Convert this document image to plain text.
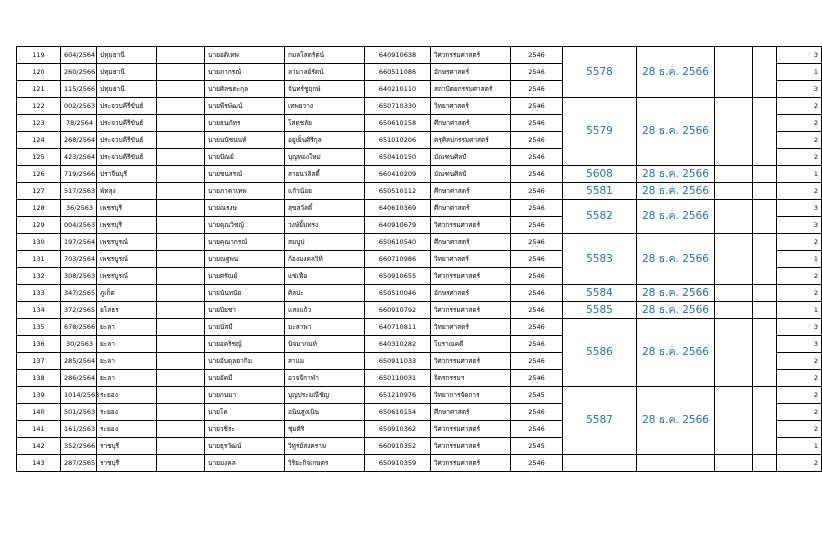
119	604/2564	ปทุมธานี		นายอดิเทพ	กมลโสตรัตน์	640910638	วิศวกรรมศาสตร์	2546	5578	28 ธ.ค. 2566			3
120	260/2566	ปทุมธานี		นายภากรณ์	ลามาลย์รัตน์	660511086	อักษรศาสตร์	2546					1
121	115/2566	ปทุมธานี		นายศิลขตะกุล	จันทร์ชูฤกษ์	640210110	สถาปัตยกรรมศาสตร์	2546					3
122	002/2563	ประจวบคีรีขันธ์		นายพีรพัฒน์	เทพยวาง	650710330	วิทยาศาสตร์	2546	5579	28 ธ.ค. 2566			2
123	78/2564	ประจวบคีรีขันธ์		นายธนภัทร	โสดชลัย	650610158	ศึกษาศาสตร์	2546					2
124	268/2564	ประจวบคีรีขันธ์		นายนนัชนนท์	อยู่เย็นศิริกุล	651010206	ครุศิลปกรรมศาสตร์	2546					2
125	423/2564	ประจวบคีรีขันธ์		นายปัณย์	บุญทองใหม่	650410150	มัณฑนศิลป์	2546					2
126	719/2566	ปราจีนบุรี		นายชนสรณ์	สายนวลิสดี้	660410209	มัณฑนศิลป์	2546	5608	28 ธ.ค. 2566			1
127	517/2563	พัทลุง		นายภาคาเทพ	แก้วน้อย	650510112	ศึกษาศาสตร์	2546	5581	28 ธ.ค. 2566			2
128	36/2563	เพชรบุรี		นายณรงษ	สุขสวัสดิ์	640610369	ศึกษาศาสตร์	2546	5582	28 ธ.ค. 2566			3
129	004/2563	เพชรบุรี		นายคุณวิชญ์	วงษ์ยิ้มทรง	640910679	วิศวกรรมศาสตร์	2546					3
130	197/2564	เพชรบูรณ์		นายคุณากรณ์	สมบูป	650610540	ศึกษาศาสตร์	2546	5583	28 ธ.ค. 2566			2
131	703/2564	เพชรบูรณ์		นายณฐพน	ก้องมงคลวิทิ	660710986	วิทยาศาสตร์	2546					1
132	308/2563	เพชรบูรณ์		นายศรัณย์	แซ่เฟือ	650910655	วิศวกรรมศาสตร์	2546					2
133	347/2565	ภูเก็ต		นายนันทนัย	ศิลปะ	650510046	อักษรศาสตร์	2546	5584	28 ธ.ค. 2566			2
134	372/2565	ยโสธร		นายปิยชา	แสงแก้ว	660910792	วิศวกรรมศาสตร์	2546	5585	28 ธ.ค. 2566			1
135	678/2566	ยะลา		นายนัสมี	มะสาพา	640710811	วิทยาศาสตร์	2546	5586	28 ธ.ค. 2566			3
136	30/2563	ยะลา		นายอคริชญ์	นิจมากนท์	640310282	โบราณคดี	2546					3
137	285/2564	ยะลา		นายอับดุลฮากิม	สาแม	650911033	วิศวกรรมศาสตร์	2546					2
138	286/2564	ยะลา		นายอัคมี	อาจจีกาฬา	650110031	จิตรกรรมฯ	2546					2
139	1014/2563	ระยอง		นายกนมา	บุญประมณีชัญ	651210976	วิทยาการจัดการ	2545	5587	28 ธ.ค. 2566			2
140	501/2563	ระยอง		นายโค	อนินสูงเนิน	650610154	ศึกษาศาสตร์	2546					2
141	161/2563	ระยอง		นายวชิระ	ชุ่มศิริ	650910362	วิศวกรรมศาสตร์	2546					2
142	352/2566	ราชบุรี		นายธุรวัฒน์	วิทูรย์สงคราม	660910352	วิศวกรรมศาสตร์	2545					1
143	287/2565	ราชบุรี		นายมงคล	วิริยะกิจเกษตร	650910359	วิศวกรรมศาสตร์	2546					2
